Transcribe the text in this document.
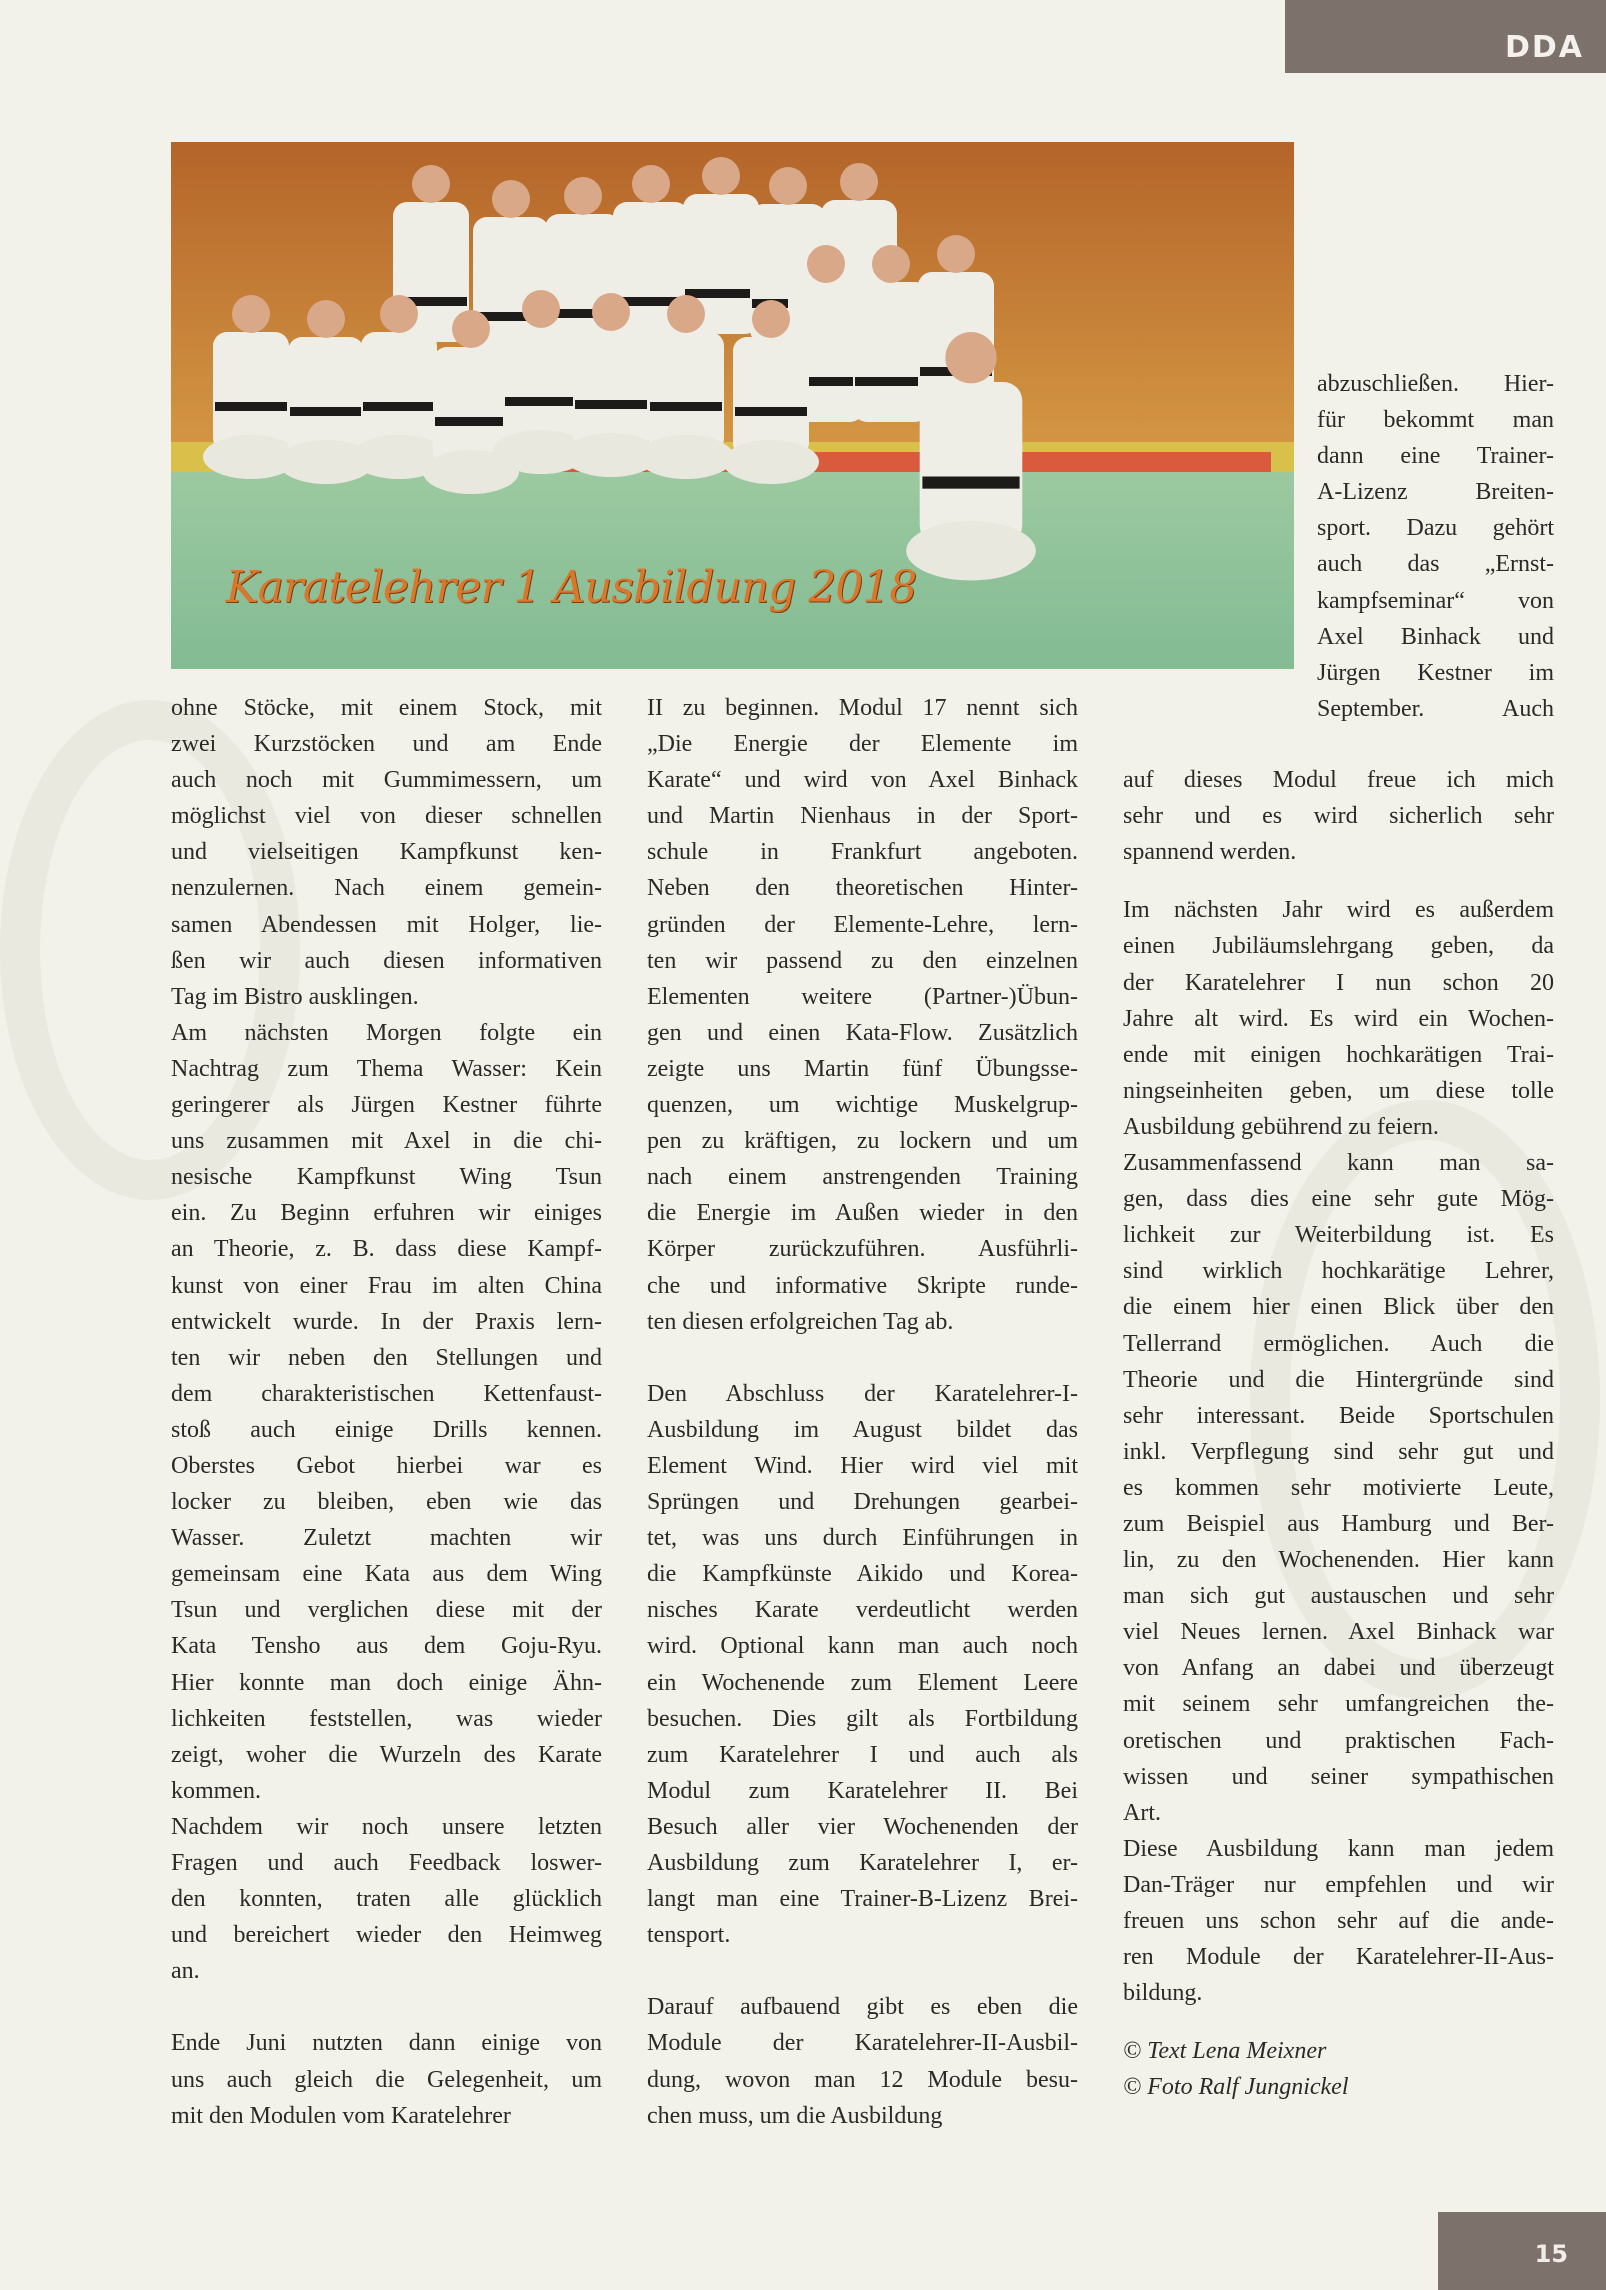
DDA
Karatelehrer 1 Ausbildung 2018
ohne Stöcke, mit einem Stock, mit
zwei Kurzstöcken und am Ende
auch noch mit Gummimessern, um
möglichst viel von dieser schnellen
und vielseitigen Kampfkunst ken-
nenzulernen. Nach einem gemein-
samen Abendessen mit Holger, lie-
ßen wir auch diesen informativen
Tag im Bistro ausklingen.
Am nächsten Morgen folgte ein
Nachtrag zum Thema Wasser: Kein
geringerer als Jürgen Kestner führte
uns zusammen mit Axel in die chi-
nesische Kampfkunst Wing Tsun
ein. Zu Beginn erfuhren wir einiges
an Theorie, z. B. dass diese Kampf-
kunst von einer Frau im alten China
entwickelt wurde. In der Praxis lern-
ten wir neben den Stellungen und
dem charakteristischen Kettenfaust-
stoß auch einige Drills kennen.
Oberstes Gebot hierbei war es
locker zu bleiben, eben wie das
Wasser. Zuletzt machten wir
gemeinsam eine Kata aus dem Wing
Tsun und verglichen diese mit der
Kata Tensho aus dem Goju-Ryu.
Hier konnte man doch einige Ähn-
lichkeiten feststellen, was wieder
zeigt, woher die Wurzeln des Karate
kommen.
Nachdem wir noch unsere letzten
Fragen und auch Feedback loswer-
den konnten, traten alle glücklich
und bereichert wieder den Heimweg
an.
Ende Juni nutzten dann einige von
uns auch gleich die Gelegenheit, um
mit den Modulen vom Karatelehrer
II zu beginnen. Modul 17 nennt sich
„Die Energie der Elemente im
Karate“ und wird von Axel Binhack
und Martin Nienhaus in der Sport-
schule in Frankfurt angeboten.
Neben den theoretischen Hinter-
gründen der Elemente-Lehre, lern-
ten wir passend zu den einzelnen
Elementen weitere (Partner-)Übun-
gen und einen Kata-Flow. Zusätzlich
zeigte uns Martin fünf Übungsse-
quenzen, um wichtige Muskelgrup-
pen zu kräftigen, zu lockern und um
nach einem anstrengenden Training
die Energie im Außen wieder in den
Körper zurückzuführen. Ausführli-
che und informative Skripte runde-
ten diesen erfolgreichen Tag ab.
Den Abschluss der Karatelehrer-I-
Ausbildung im August bildet das
Element Wind. Hier wird viel mit
Sprüngen und Drehungen gearbei-
tet, was uns durch Einführungen in
die Kampfkünste Aikido und Korea-
nisches Karate verdeutlicht werden
wird. Optional kann man auch noch
ein Wochenende zum Element Leere
besuchen. Dies gilt als Fortbildung
zum Karatelehrer I und auch als
Modul zum Karatelehrer II. Bei
Besuch aller vier Wochenenden der
Ausbildung zum Karatelehrer I, er-
langt man eine Trainer-B-Lizenz Brei-
tensport.
Darauf aufbauend gibt es eben die
Module der Karatelehrer-II-Ausbil-
dung, wovon man 12 Module besu-
chen muss, um die Ausbildung
abzuschließen. Hier-
für bekommt man
dann eine Trainer-
A-Lizenz Breiten-
sport. Dazu gehört
auch das „Ernst-
kampfseminar“ von
Axel Binhack und
Jürgen Kestner im
September. Auch
auf dieses Modul freue ich mich
sehr und es wird sicherlich sehr
spannend werden.
Im nächsten Jahr wird es außerdem
einen Jubiläumslehrgang geben, da
der Karatelehrer I nun schon 20
Jahre alt wird. Es wird ein Wochen-
ende mit einigen hochkarätigen Trai-
ningseinheiten geben, um diese tolle
Ausbildung gebührend zu feiern.
Zusammenfassend kann man sa-
gen, dass dies eine sehr gute Mög-
lichkeit zur Weiterbildung ist. Es
sind wirklich hochkarätige Lehrer,
die einem hier einen Blick über den
Tellerrand ermöglichen. Auch die
Theorie und die Hintergründe sind
sehr interessant. Beide Sportschulen
inkl. Verpflegung sind sehr gut und
es kommen sehr motivierte Leute,
zum Beispiel aus Hamburg und Ber-
lin, zu den Wochenenden. Hier kann
man sich gut austauschen und sehr
viel Neues lernen. Axel Binhack war
von Anfang an dabei und überzeugt
mit seinem sehr umfangreichen the-
oretischen und praktischen Fach-
wissen und seiner sympathischen
Art.
Diese Ausbildung kann man jedem
Dan-Träger nur empfehlen und wir
freuen uns schon sehr auf die ande-
ren Module der Karatelehrer-II-Aus-
bildung.
© Text Lena Meixner
© Foto Ralf Jungnickel
15
